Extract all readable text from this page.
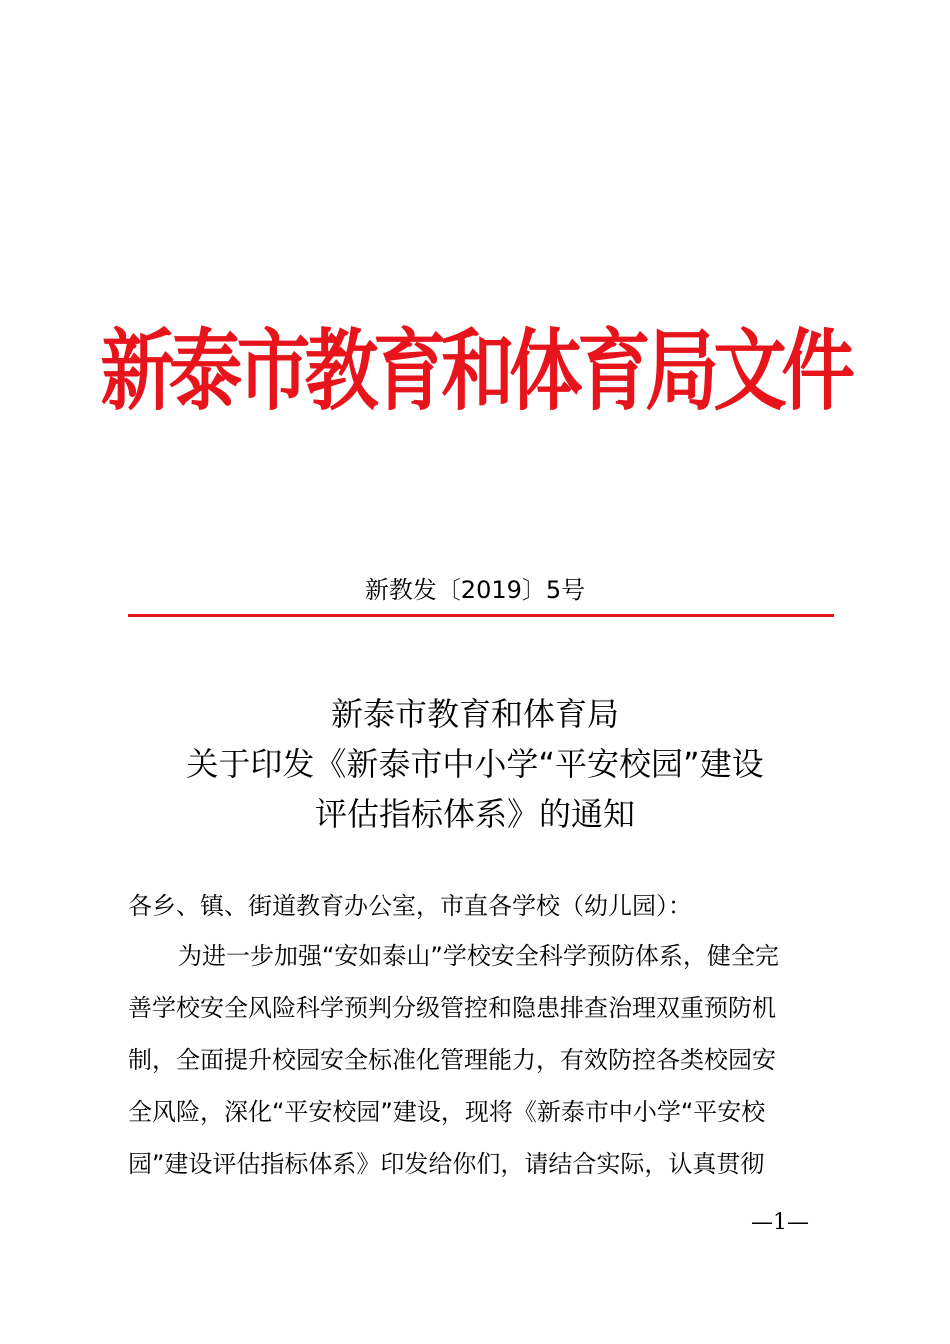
新泰市教育和体育局文件
新教发〔2019〕5号
新泰市教育和体育局
关于印发《新泰市中小学“平安校园”建设
评估指标体系》的通知
各乡、镇、街道教育办公室，市直各学校（幼儿园）：
为进一步加强“安如泰山”学校安全科学预防体系，健全完
善学校安全风险科学预判分级管控和隐患排查治理双重预防机
制，全面提升校园安全标准化管理能力，有效防控各类校园安
全风险，深化“平安校园”建设，现将《新泰市中小学“平安校
园”建设评估指标体系》印发给你们，请结合实际，认真贯彻
—1—
